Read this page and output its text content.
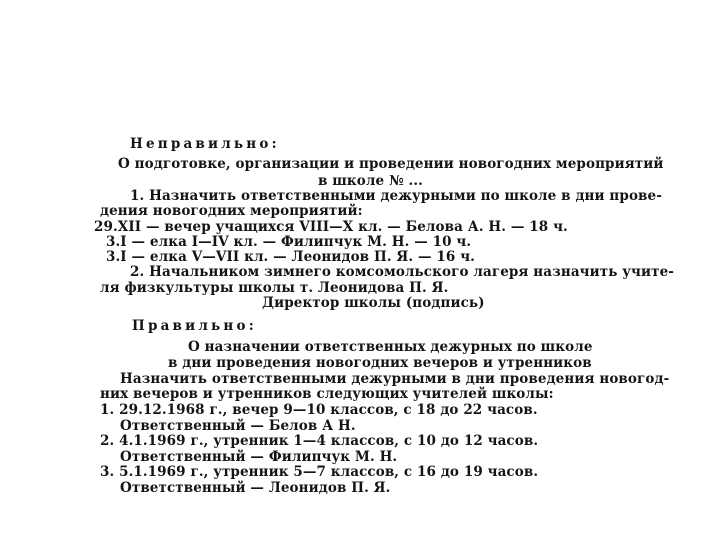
Неправильно:
О подготовке, организации и проведении новогодних мероприятий
в школе № ...
1. Назначить ответственными дежурными по школе в дни прове-
дения новогодних мероприятий:
29.XII — вечер учащихся VIII—X кл. — Белова А. Н. — 18 ч.
3.I — елка I—IV кл. — Филипчук М. Н. — 10 ч.
3.I — елка V—VII кл. — Леонидов П. Я. — 16 ч.
2. Начальником зимнего комсомольского лагеря назначить учите-
ля физкультуры школы т. Леонидова П. Я.
Директор школы (подпись)
Правильно:
О назначении ответственных дежурных по школе
в дни проведения новогодних вечеров и утренников
Назначить ответственными дежурными в дни проведения новогод-
них вечеров и утренников следующих учителей школы:
1. 29.12.1968 г., вечер 9—10 классов, с 18 до 22 часов.
Ответственный — Белов А Н.
2. 4.1.1969 г., утренник 1—4 классов, с 10 до 12 часов.
Ответственный — Филипчук М. Н.
3. 5.1.1969 г., утренник 5—7 классов, с 16 до 19 часов.
Ответственный — Леонидов П. Я.
